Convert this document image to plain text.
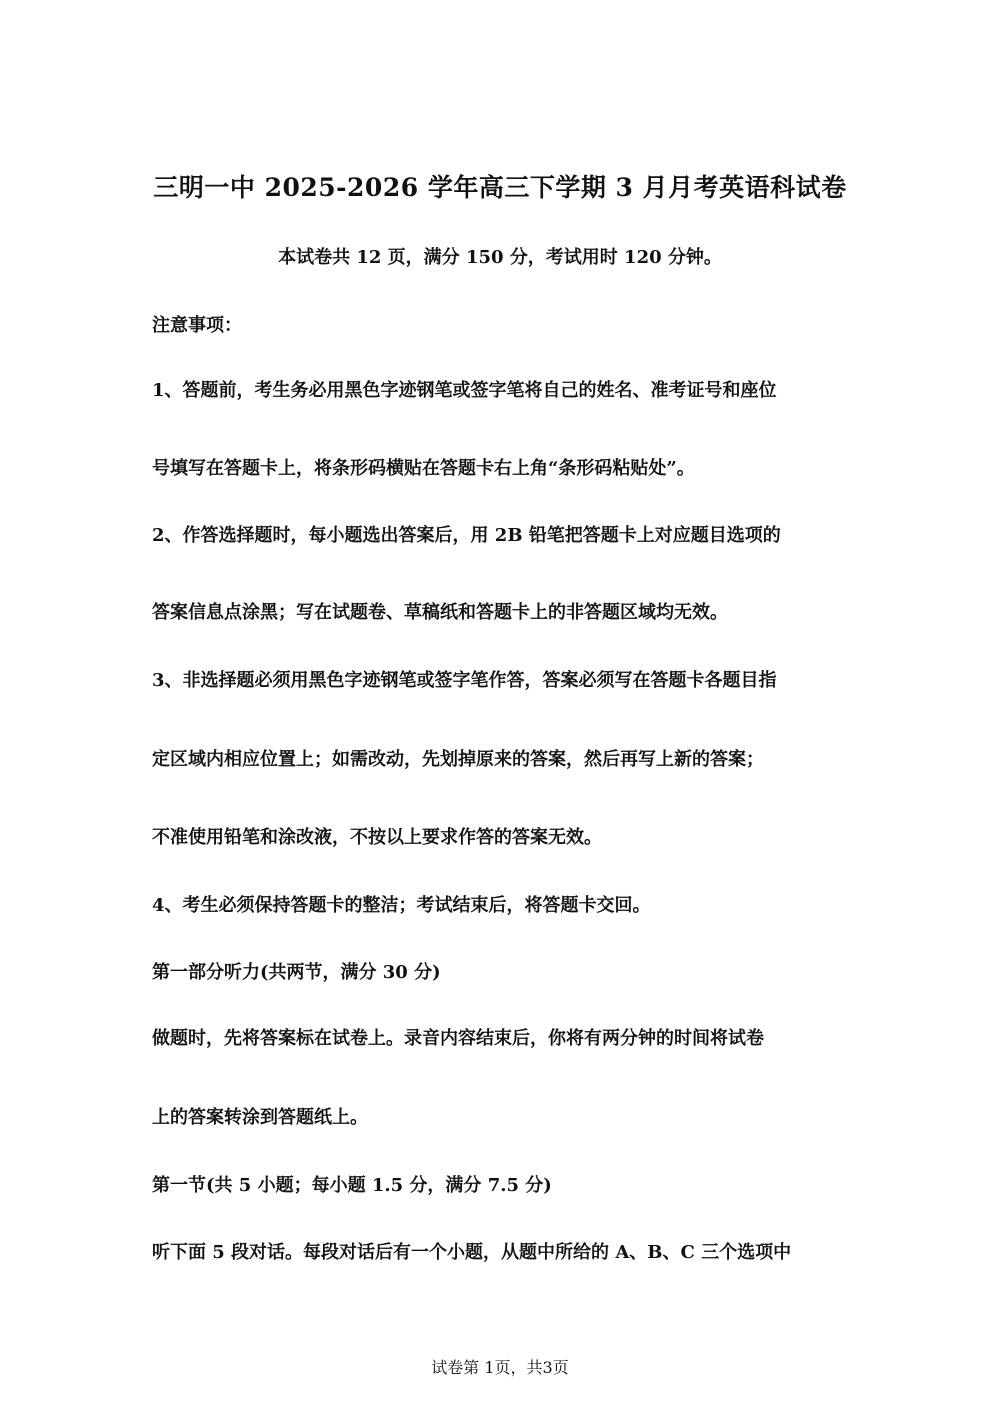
三明一中 2025-2026 学年高三下学期 3 月月考英语科试卷
本试卷共 12 页，满分 150 分，考试用时 120 分钟。
注意事项：
1、答题前，考生务必用黑色字迹钢笔或签字笔将自己的姓名、准考证号和座位
号填写在答题卡上，将条形码横贴在答题卡右上角“条形码粘贴处”。
2、作答选择题时，每小题选出答案后，用 2B 铅笔把答题卡上对应题目选项的
答案信息点涂黑；写在试题卷、草稿纸和答题卡上的非答题区域均无效。
3、非选择题必须用黑色字迹钢笔或签字笔作答，答案必须写在答题卡各题目指
定区域内相应位置上；如需改动，先划掉原来的答案，然后再写上新的答案；
不准使用铅笔和涂改液，不按以上要求作答的答案无效。
4、考生必须保持答题卡的整洁；考试结束后，将答题卡交回。
第一部分听力(共两节，满分 30 分)
做题时，先将答案标在试卷上。录音内容结束后，你将有两分钟的时间将试卷
上的答案转涂到答题纸上。
第一节(共 5 小题；每小题 1.5 分，满分 7.5 分)
听下面 5 段对话。每段对话后有一个小题，从题中所给的 A、B、C 三个选项中
试卷第 1页，共3页
